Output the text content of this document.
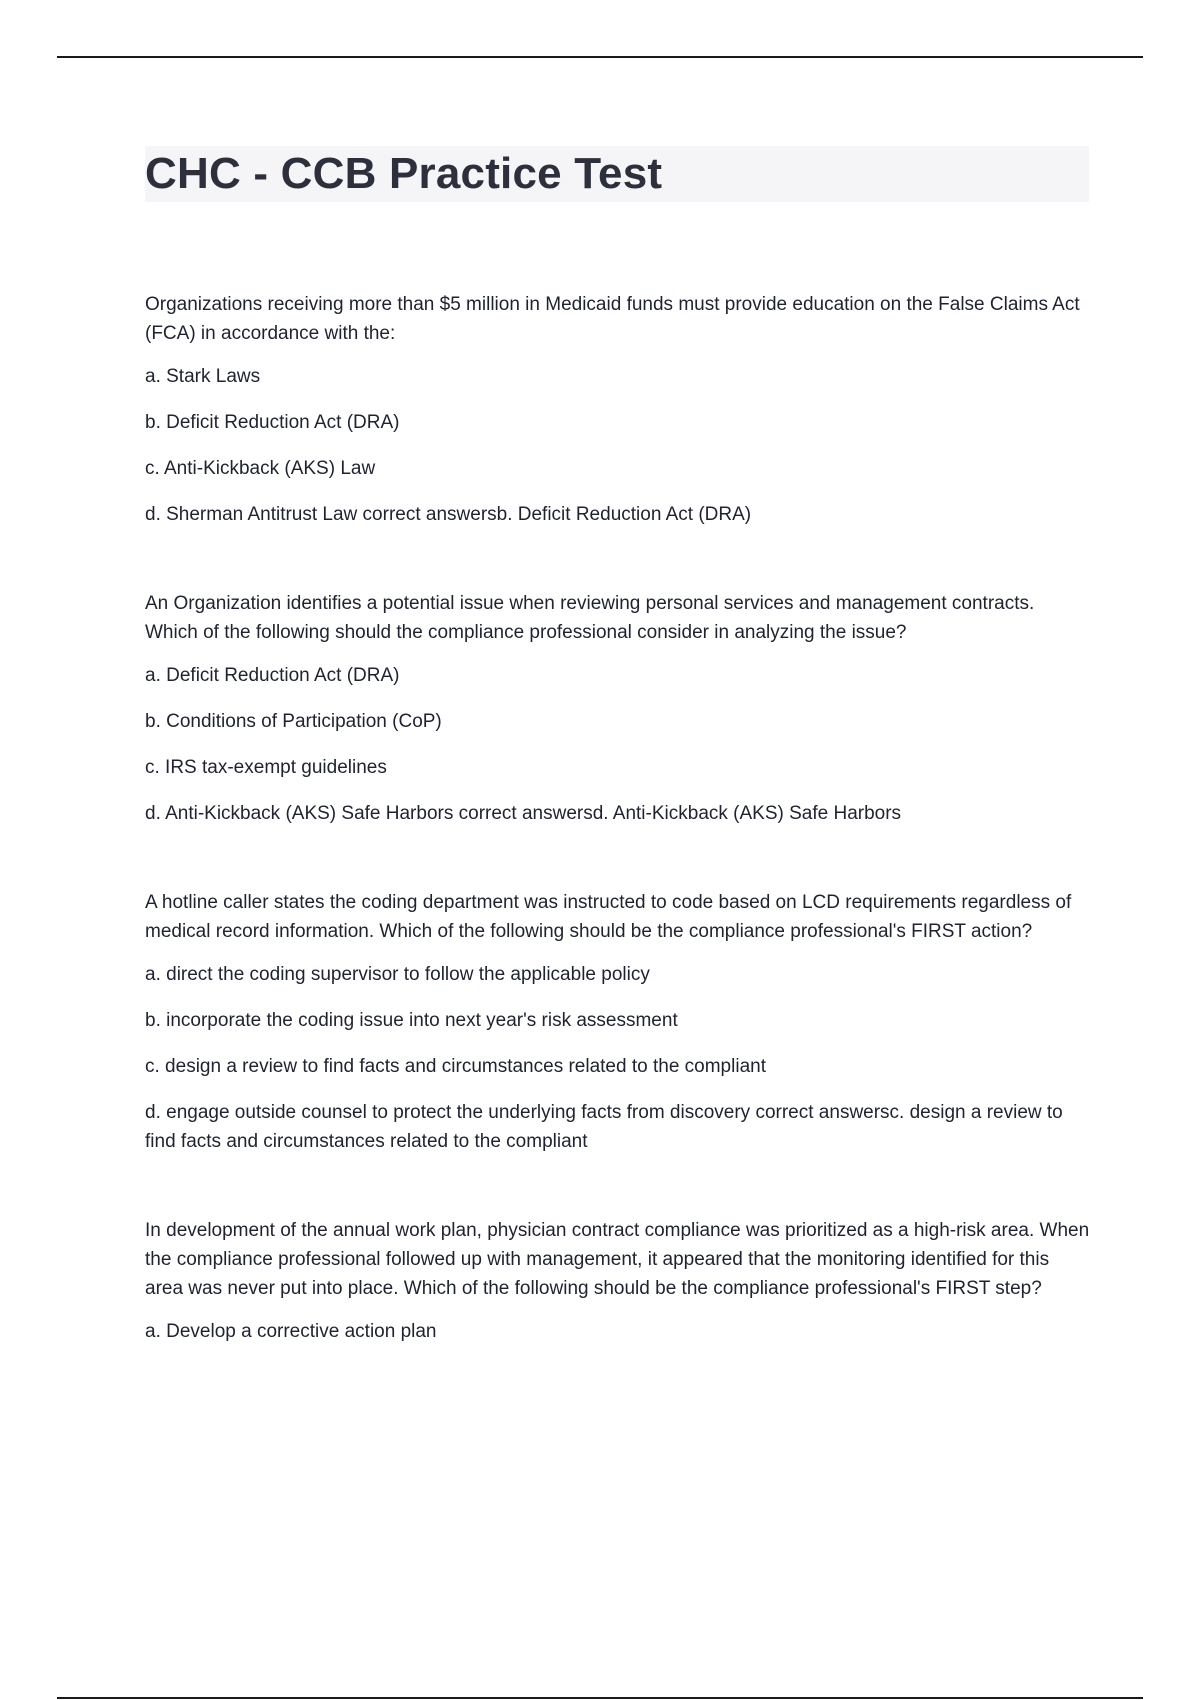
CHC - CCB Practice Test

Organizations receiving more than $5 million in Medicaid funds must provide education on the False Claims Act (FCA) in accordance with the:

a. Stark Laws

b. Deficit Reduction Act (DRA)

c. Anti-Kickback (AKS) Law

d. Sherman Antitrust Law correct answersb. Deficit Reduction Act (DRA)

An Organization identifies a potential issue when reviewing personal services and management contracts. Which of the following should the compliance professional consider in analyzing the issue?

a. Deficit Reduction Act (DRA)

b. Conditions of Participation (CoP)

c. IRS tax-exempt guidelines

d. Anti-Kickback (AKS) Safe Harbors correct answersd. Anti-Kickback (AKS) Safe Harbors

A hotline caller states the coding department was instructed to code based on LCD requirements regardless of medical record information. Which of the following should be the compliance professional's FIRST action?

a. direct the coding supervisor to follow the applicable policy

b. incorporate the coding issue into next year's risk assessment

c. design a review to find facts and circumstances related to the compliant

d. engage outside counsel to protect the underlying facts from discovery correct answersc. design a review to find facts and circumstances related to the compliant

In development of the annual work plan, physician contract compliance was prioritized as a high-risk area. When the compliance professional followed up with management, it appeared that the monitoring identified for this area was never put into place. Which of the following should be the compliance professional's FIRST step?

a. Develop a corrective action plan
